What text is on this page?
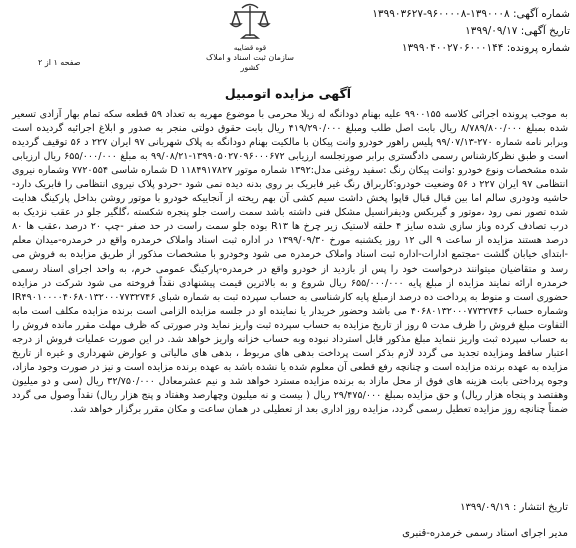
شماره آگهی: ۱۳۹۰۰۰۸-۹۶۰۰۰۰۸-۱۳۹۹۰۳۶۲۷
تاریخ آگهی: ۱۳۹۹/۰۹/۱۷
شماره پرونده: ۱۳۹۹۰۴۰۰۲۷۰۶۰۰۰۱۴۴
قوه قضاییه
سازمان ثبت اسناد و املاک کشور
صفحه ۱ از ۲
آگهی مزایده اتومبیل
به موجب پرونده اجرائی کلاسه ۹۹۰۰۱۵۵ علیه بهنام دودانگه له زیلا محرمی با موضوع مهریه به تعداد ۵۹ قطعه سکه تمام بهار آزادی تسعیر شده بمبلغ ۸/۷۸۹/۸۰۰/۰۰۰ ریال بابت اصل طلب ومبلغ ۴۱۹/۲۹۰/۰۰۰ ریال بابت حقوق دولتی منجر به صدور و ابلاغ اجرائیه گردیده است وبرابر نامه شماره ۲۷۰-۹۹/۰۷/۱۳ پلیس راهور خودرو وانت پیکان با مالکیت بهنام دودانگه به پلاک شهربانی ۹۷ ایران ۲۲۷ د ۵۶ توقیف گردیده است و طبق نظرکارشناس رسمی دادگستری برابر صورتجلسه ارزیابی ۱۳۹۹۰۵۰۲۷۰۹۶۰۰۰۶۷۲-۹۹/۰۸/۲۱ به مبلغ ۶۵۵/۰۰۰/۰۰۰ ریال ارزیابی شده مشخصات ونوع خودرو :وانت پیکان رنگ :سفید روغنی مدل:۱۳۹۲ شماره موتور ۱۱۸۴۹۱۷۸۲۷ D شماره شاسی ۷۷۲۰۵۵۴ وشماره نیروی انتظامی ۹۷ ایران ۲۲۷ د ۵۶ وضعیت خودرو:کاربراق رنگ غیر فابریک بر روی بدنه دیده نمی شود -حردو پلاک نیروی انتظامی را فابریک دارد-حاشیه ودودری سالم اما بین قبال قبال قاپوا پخش داشت سیم کشی آن بهم ریخته از آنجاییکه خودرو با موتور روشن بداخل پارکینگ هدایت شده تصور نمی رود ،موتور و گیربکس ودیفرانسیل مشکل فنی داشته باشد سمت راست جلو پنجره شکسته ،گلگیر جلو در عقب نزدیک به درب تصادف کرده وباز سازی شده سایز ۴ حلقه لاستیک زیر چرخ ها R۱۳ بوده جلو سمت راست در حد صفر -چپ ۲۰ درصد ،عقب ها ۸۰ درصد هستند مزایده از ساعت ۹ الی ۱۲ روز یکشنبه مورخ ۱۳۹۹/۰۹/۳۰ در اداره ثبت اسناد واملاک خرمدره واقع در خرمدره-میدان معلم -ابتدای خیابان گلشت -مجتمع ادارات-اداره ثبت اسناد واملاک خرمدره می شود وخودرو با مشخصات مذکور از طریق مزایده به فروش می رسد و متقاضیان میتوانند درخواست خود را پس از بازدید از خودرو واقع در خرمدره-پارکینگ عمومی خرم، به واحد اجرای اسناد رسمی خرمدره ارائه نمایند مزایده از مبلغ پایه ۶۵۵/۰۰۰/۰۰۰ ریال شروع و به بالاترین قیمت پیشنهادی نقداً فروخته می شود شرکت در مزایده حضوری است و منوط به پرداخت ده درصد ازمبلغ پایه کارشناسی به حساب سپرده ثبت به شماره شبای IR۴۹۰۱۰۰۰۰۴۰۶۸۰۱۳۲۰۰۰۷۷۳۲۷۴۶ وشماره حساب ۴۰۶۸۰۱۳۲۰۰۰۷۷۳۲۷۴۶ می باشد وحضور خریدار یا نماینده او در جلسه مزایده الزامی است برنده مزایده مکلف است مابه التفاوت مبلغ فروش را ظرف مدت ۵ روز از تاریخ مزایده به حساب سپرده ثبت واریز نماید ودر صورتی که ظرف مهلت مقرر مانده فروش را به حساب سپرده ثبت واریز ننماید مبلغ مذکور قابل استرداد نبوده وبه حساب خزانه واریز خواهد شد. در این صورت عملیات فروش از درجه اعتبار ساقط ومزایده تجدید می گردد لازم بذکر است پرداخت بدهی های مربوط ، بدهی های مالیاتی و عوارض شهرداری و غیره از تاریخ مزایده به عهده برنده مزایده است و چنانچه رفع قطعی آن معلوم شده یا نشده باشد به عهده برنده مزایده است و نیز در صورت وجود مازاد، وجوه پرداختی بابت هزینه های فوق از محل مازاد به برنده مزایده مسترد خواهد شد و نیم عشرمعادل ۳۲/۷۵۰/۰۰۰ ریال (سی و دو میلیون وهفتصد و پنجاه هزار ریال) و حق مزایده بمبلغ ۲۹/۴۷۵/۰۰۰ ریال ( بیست و نه میلیون وچهارصد وهفتاد و پنج هزار ریال) نقداً وصول می گردد ضمناً چنانچه روز مزایده تعطیل رسمی گردد، مزایده روز اداری بعد از تعطیلی در همان ساعت و مکان مقرر برگزار خواهد شد.
تاریخ انتشار : ۱۳۹۹/۰۹/۱۹
مدیر اجرای اسناد رسمی خرمدره-قنبری
